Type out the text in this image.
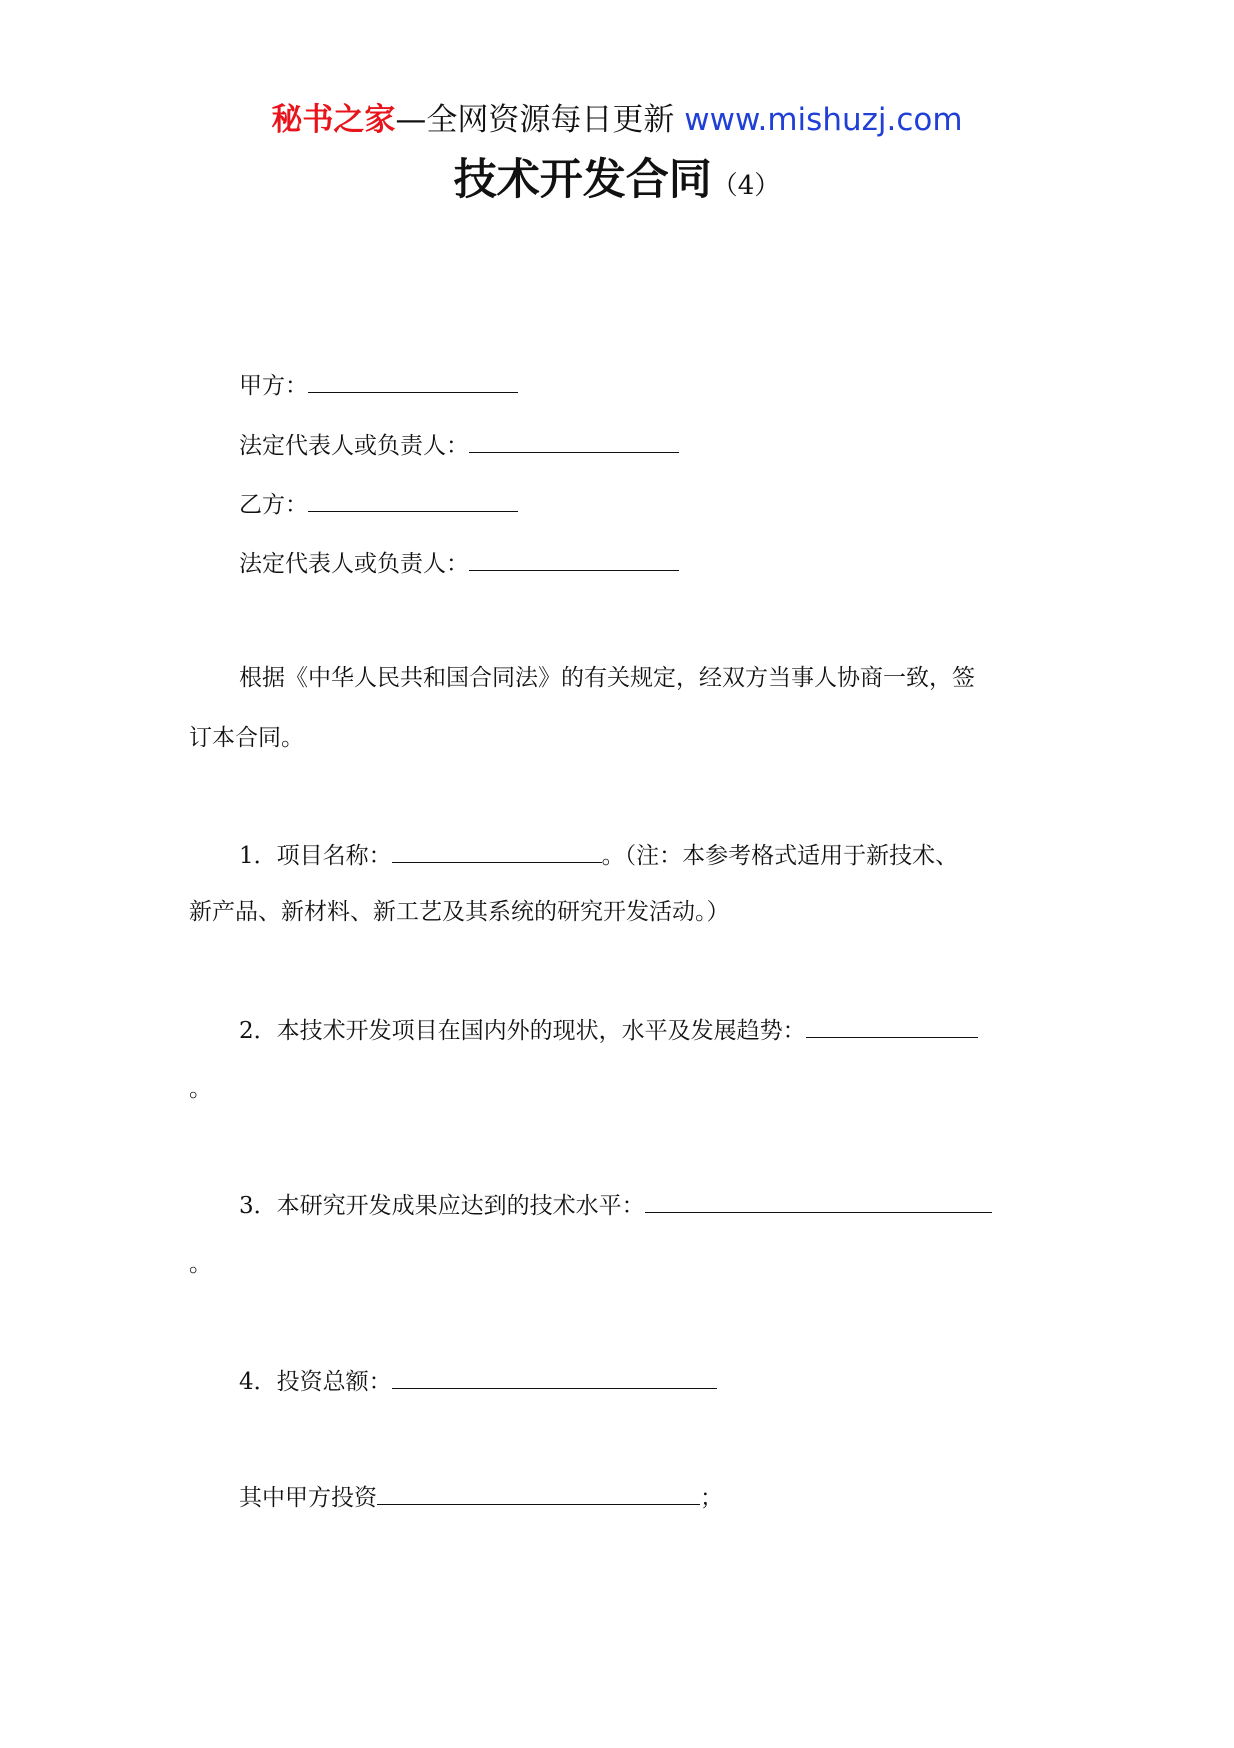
秘书之家—全网资源每日更新 www.mishuzj.com
技术开发合同（4）
甲方：
法定代表人或负责人：
乙方：
法定代表人或负责人：
根据《中华人民共和国合同法》的有关规定，经双方当事人协商一致，签
订本合同。
1．项目名称：	。（注：本参考格式适用于新技术、
新产品、新材料、新工艺及其系统的研究开发活动。）
2．本技术开发项目在国内外的现状，水平及发展趋势：
。
3．本研究开发成果应达到的技术水平：
。
4．投资总额：
其中甲方投资	；
